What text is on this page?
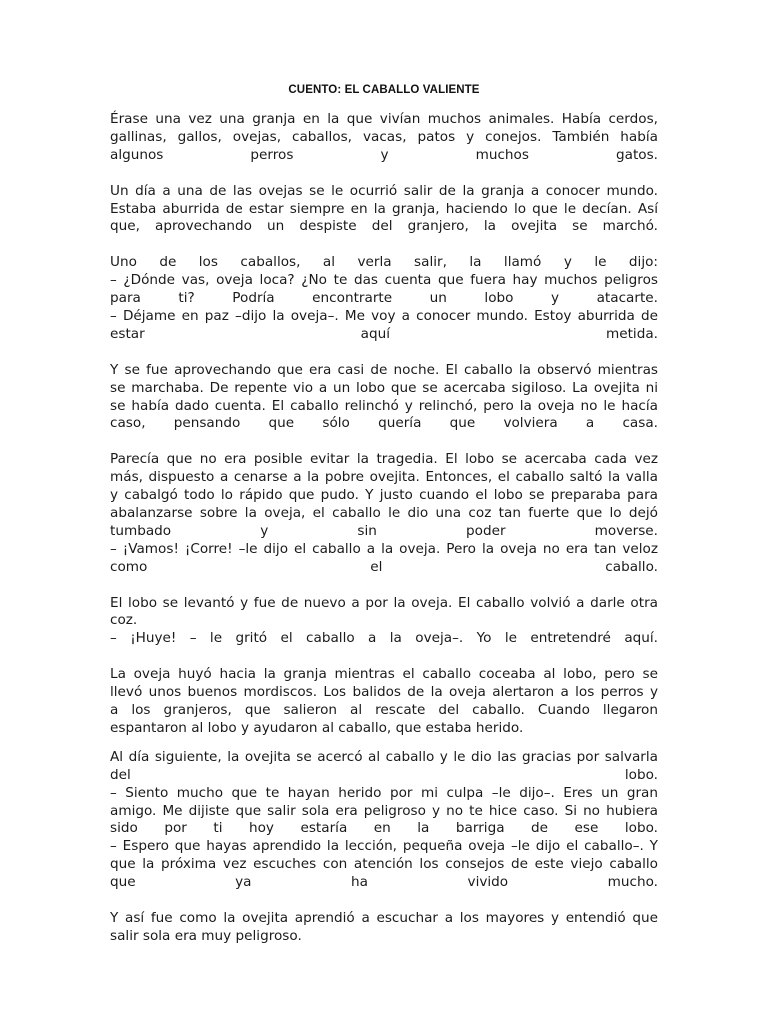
CUENTO: EL CABALLO VALIENTE
Érase una vez una granja en la que vivían muchos animales. Había cerdos,
gallinas, gallos, ovejas, caballos, vacas, patos y conejos. También había
algunos perros y muchos gatos.
Un día a una de las ovejas se le ocurrió salir de la granja a conocer mundo.
Estaba aburrida de estar siempre en la granja, haciendo lo que le decían. Así
que, aprovechando un despiste del granjero, la ovejita se marchó.
Uno de los caballos, al verla salir, la llamó y le dijo:
– ¿Dónde vas, oveja loca? ¿No te das cuenta que fuera hay muchos peligros
para ti? Podría encontrarte un lobo y atacarte.
– Déjame en paz –dijo la oveja–. Me voy a conocer mundo. Estoy aburrida de
estar aquí metida.
Y se fue aprovechando que era casi de noche. El caballo la observó mientras
se marchaba. De repente vio a un lobo que se acercaba sigiloso. La ovejita ni
se había dado cuenta. El caballo relinchó y relinchó, pero la oveja no le hacía
caso, pensando que sólo quería que volviera a casa.
Parecía que no era posible evitar la tragedia. El lobo se acercaba cada vez
más, dispuesto a cenarse a la pobre ovejita. Entonces, el caballo saltó la valla
y cabalgó todo lo rápido que pudo. Y justo cuando el lobo se preparaba para
abalanzarse sobre la oveja, el caballo le dio una coz tan fuerte que lo dejó
tumbado y sin poder moverse.
– ¡Vamos! ¡Corre! –le dijo el caballo a la oveja. Pero la oveja no era tan veloz
como el caballo.
El lobo se levantó y fue de nuevo a por la oveja. El caballo volvió a darle otra
coz.
– ¡Huye! – le gritó el caballo a la oveja–. Yo le entretendré aquí.
La oveja huyó hacia la granja mientras el caballo coceaba al lobo, pero se
llevó unos buenos mordiscos. Los balidos de la oveja alertaron a los perros y
a los granjeros, que salieron al rescate del caballo. Cuando llegaron
espantaron al lobo y ayudaron al caballo, que estaba herido.
Al día siguiente, la ovejita se acercó al caballo y le dio las gracias por salvarla
del lobo.
– Siento mucho que te hayan herido por mi culpa –le dijo–. Eres un gran
amigo. Me dijiste que salir sola era peligroso y no te hice caso. Si no hubiera
sido por ti hoy estaría en la barriga de ese lobo.
– Espero que hayas aprendido la lección, pequeña oveja –le dijo el caballo–. Y
que la próxima vez escuches con atención los consejos de este viejo caballo
que ya ha vivido mucho.
Y así fue como la ovejita aprendió a escuchar a los mayores y entendió que
salir sola era muy peligroso.
